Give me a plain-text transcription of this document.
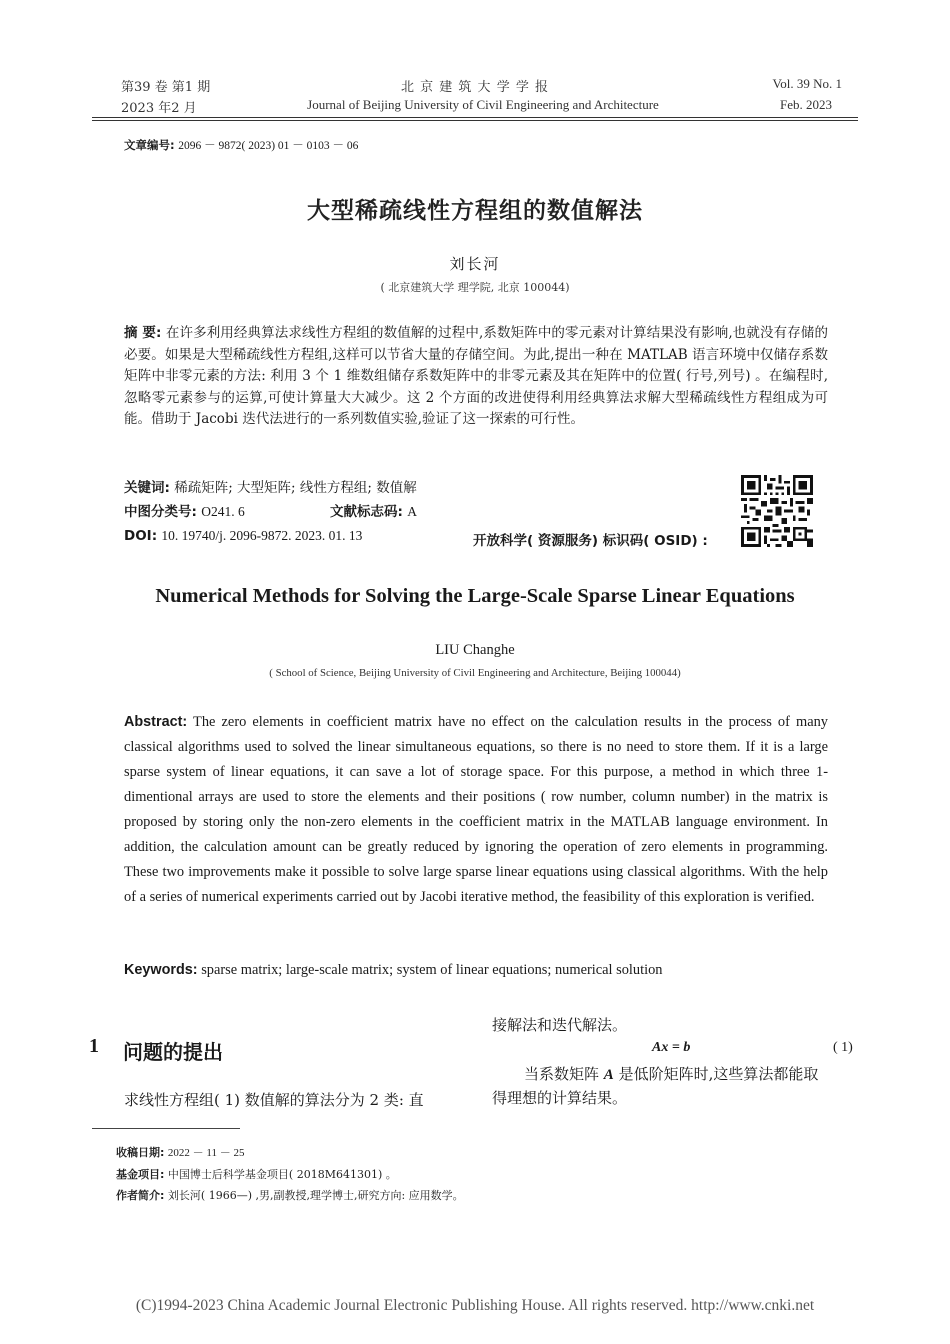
第39 卷 第1 期
2023 年2 月
北 京 建 筑 大 学 学 报
Journal of Beijing University of Civil Engineering and Architecture
Vol. 39 No. 1
Feb. 2023
文章编号: 2096 － 9872( 2023) 01 － 0103 － 06
大型稀疏线性方程组的数值解法
刘长河
( 北京建筑大学 理学院, 北京 100044)
摘 要: 在许多利用经典算法求线性方程组的数值解的过程中,系数矩阵中的零元素对计算结果没有影响,也就没有存储的必要。如果是大型稀疏线性方程组,这样可以节省大量的存储空间。为此,提出一种在 MATLAB 语言环境中仅储存系数矩阵中非零元素的方法: 利用 3 个 1 维数组储存系数矩阵中的非零元素及其在矩阵中的位置( 行号,列号) 。在编程时,忽略零元素参与的运算,可使计算量大大减少。这 2 个方面的改进使得利用经典算法求解大型稀疏线性方程组成为可能。借助于 Jacobi 迭代法进行的一系列数值实验,验证了这一探索的可行性。
关键词: 稀疏矩阵; 大型矩阵; 线性方程组; 数值解
中图分类号: O241. 6	文献标志码: A
DOI: 10. 19740/j. 2096-9872. 2023. 01. 13	开放科学( 资源服务) 标识码( OSID) :
Numerical Methods for Solving the Large-Scale Sparse Linear Equations
LIU Changhe
( School of Science, Beijing University of Civil Engineering and Architecture, Beijing 100044)
Abstract: The zero elements in coefficient matrix have no effect on the calculation results in the process of many classical algorithms used to solved the linear simultaneous equations, so there is no need to store them. If it is a large sparse system of linear equations, it can save a lot of storage space. For this purpose, a method in which three 1-dimentional arrays are used to store the elements and their positions ( row number, column number) in the matrix is proposed by storing only the non-zero elements in the coefficient matrix in the MATLAB language environment. In addition, the calculation amount can be greatly reduced by ignoring the operation of zero elements in programming. These two improvements make it possible to solve large sparse linear equations using classical algorithms. With the help of a series of numerical experiments carried out by Jacobi iterative method, the feasibility of this exploration is verified.
Keywords: sparse matrix; large-scale matrix; system of linear equations; numerical solution
1 问题的提出
求线性方程组( 1) 数值解的算法分为 2 类: 直
接解法和迭代解法。
Ax = b	( 1)
当系数矩阵 A 是低阶矩阵时,这些算法都能取
得理想的计算结果。
收稿日期: 2022 － 11 － 25
基金项目: 中国博士后科学基金项目( 2018M641301) 。
作者简介: 刘长河( 1966—) ,男,副教授,理学博士,研究方向: 应用数学。
(C)1994-2023 China Academic Journal Electronic Publishing House. All rights reserved. http://www.cnki.net
